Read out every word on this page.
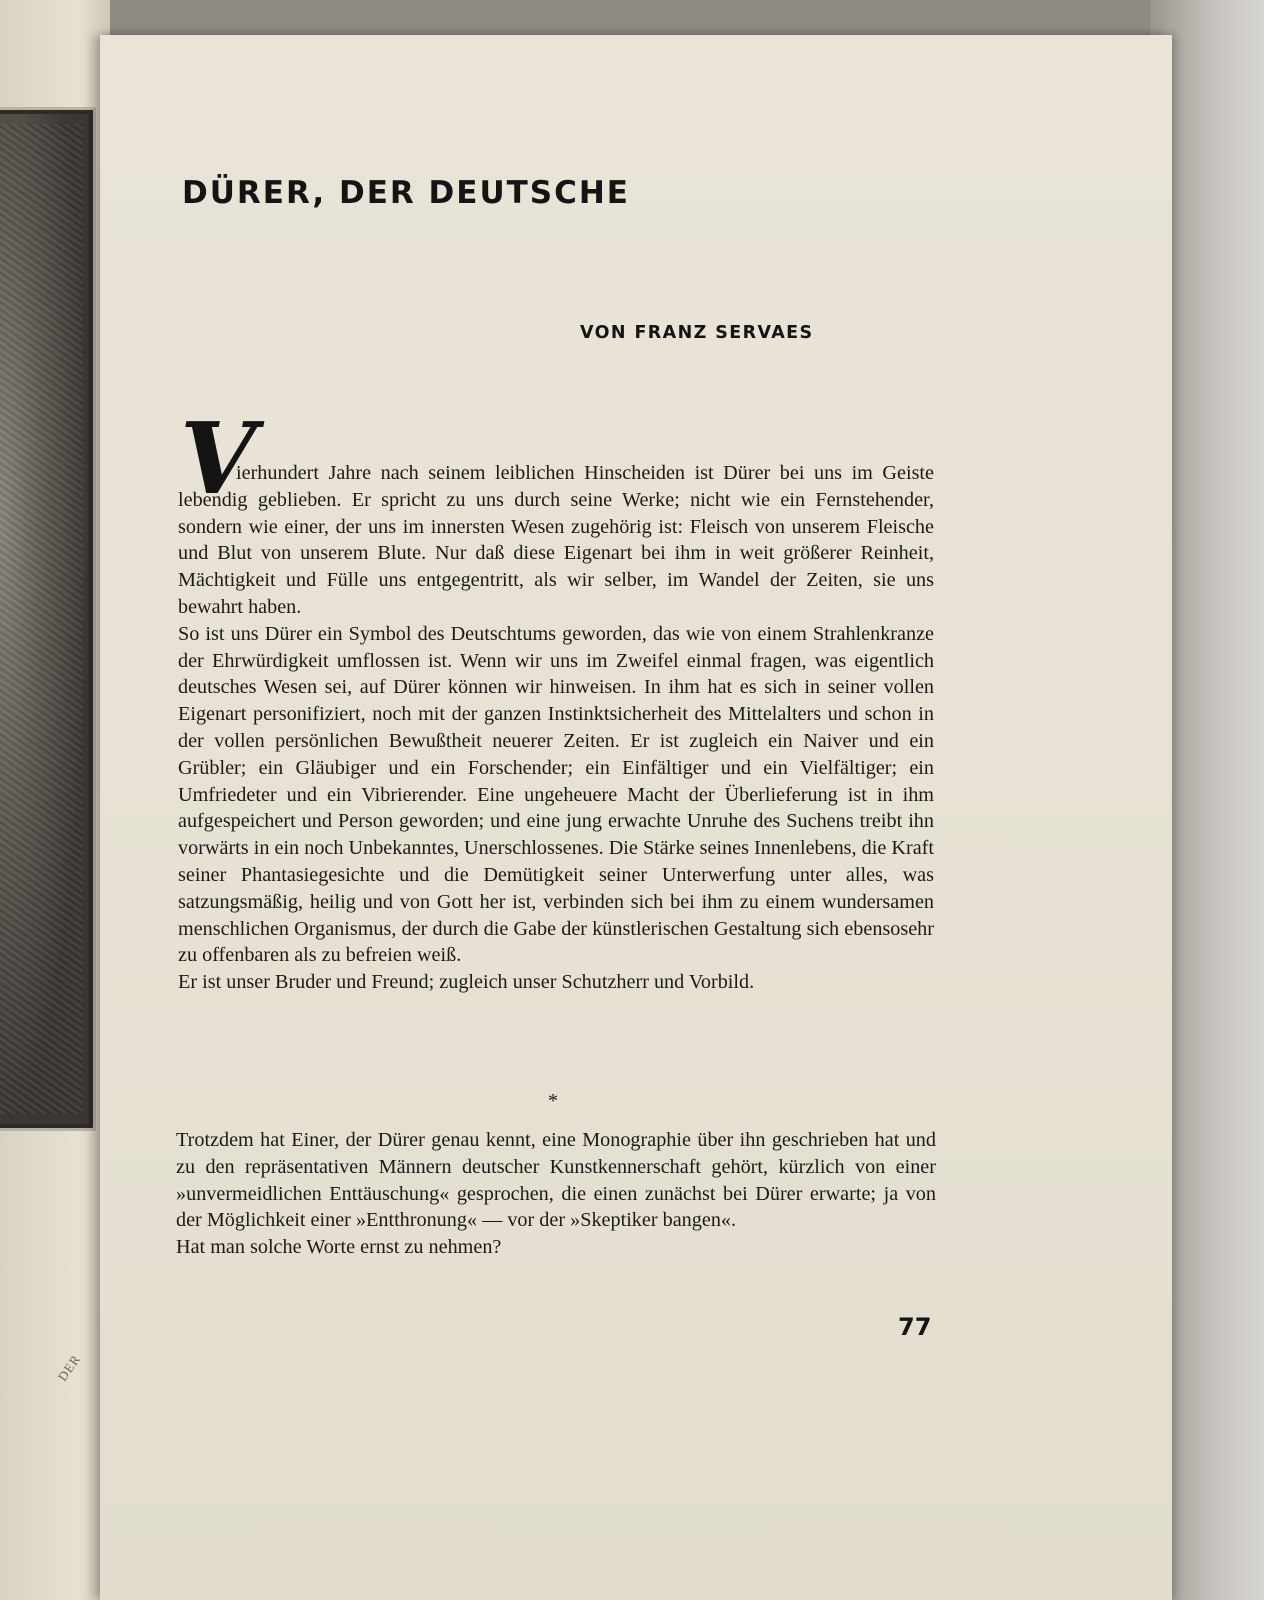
DER
DÜRER, DER DEUTSCHE
VON FRANZ SERVAES
V

ierhundert Jahre nach seinem leiblichen Hinscheiden ist Dürer bei uns im Geiste lebendig geblieben. Er spricht zu uns durch seine Werke; nicht wie ein Fernstehender, sondern wie einer, der uns im innersten Wesen zugehörig ist: Fleisch von unserem Fleische und Blut von unserem Blute. Nur daß diese Eigenart bei ihm in weit größerer Reinheit, Mächtigkeit und Fülle uns entgegentritt, als wir selber, im Wandel der Zeiten, sie uns bewahrt haben.

So ist uns Dürer ein Symbol des Deutschtums geworden, das wie von einem Strahlenkranze der Ehrwürdigkeit umflossen ist. Wenn wir uns im Zweifel einmal fragen, was eigentlich deutsches Wesen sei, auf Dürer können wir hinweisen. In ihm hat es sich in seiner vollen Eigenart personifiziert, noch mit der ganzen Instinktsicherheit des Mittelalters und schon in der vollen persönlichen Bewußtheit neuerer Zeiten. Er ist zugleich ein Naiver und ein Grübler; ein Gläubiger und ein Forschender; ein Einfältiger und ein Vielfältiger; ein Umfriedeter und ein Vibrierender. Eine ungeheuere Macht der Überlieferung ist in ihm aufgespeichert und Person geworden; und eine jung erwachte Unruhe des Suchens treibt ihn vorwärts in ein noch Unbekanntes, Unerschlossenes. Die Stärke seines Innenlebens, die Kraft seiner Phantasiegesichte und die Demütigkeit seiner Unterwerfung unter alles, was satzungsmäßig, heilig und von Gott her ist, verbinden sich bei ihm zu einem wundersamen menschlichen Organismus, der durch die Gabe der künstlerischen Gestaltung sich ebensosehr zu offenbaren als zu befreien weiß.

Er ist unser Bruder und Freund; zugleich unser Schutzherr und Vorbild.

*

Trotzdem hat Einer, der Dürer genau kennt, eine Monographie über ihn geschrieben hat und zu den repräsentativen Männern deutscher Kunstkennerschaft gehört, kürzlich von einer »unvermeidlichen Enttäuschung« gesprochen, die einen zunächst bei Dürer erwarte; ja von der Möglichkeit einer »Entthronung« — vor der »Skeptiker bangen«.

Hat man solche Worte ernst zu nehmen?

77
